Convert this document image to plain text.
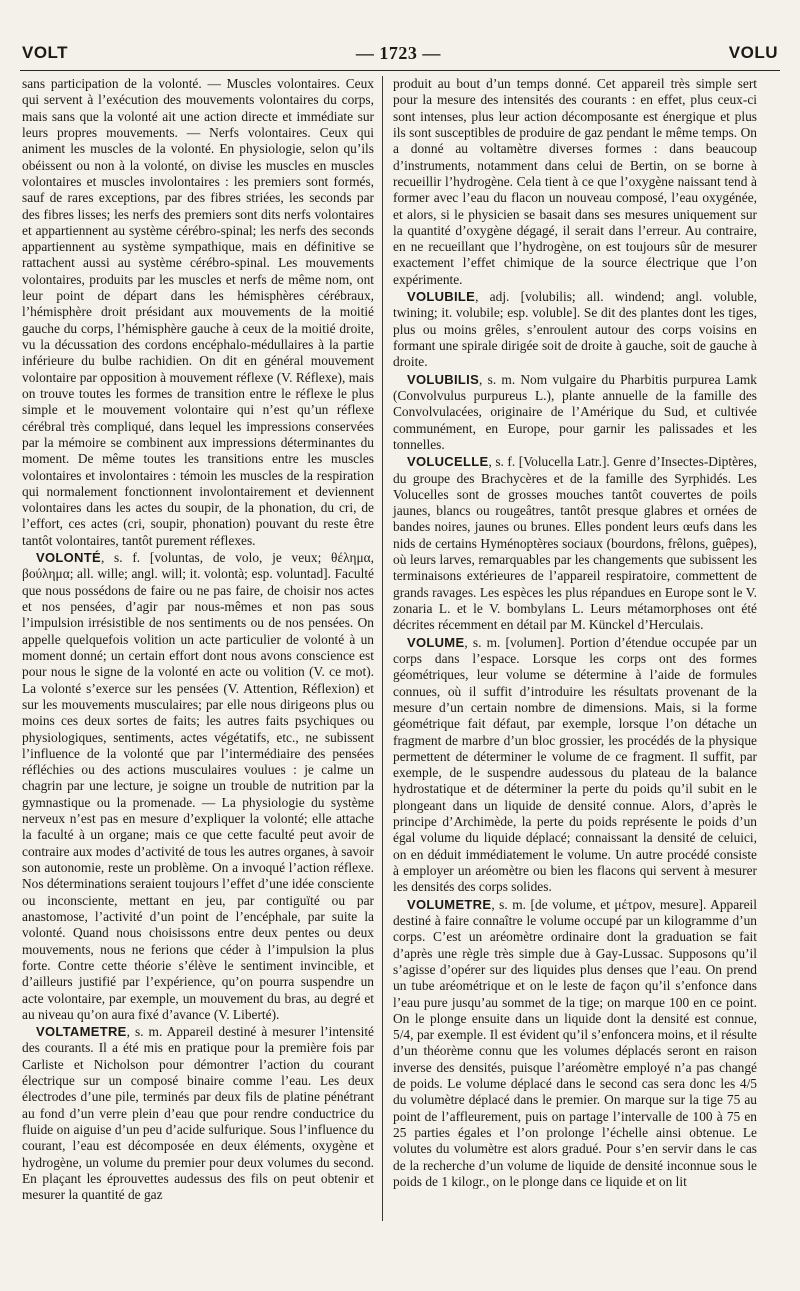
VOLT	— 1723 —	VOLU

sans participation de la volonté. — Muscles volontaires. Ceux qui servent à l’exécution des mouvements volontaires du corps, mais sans que la volonté ait une action directe et immédiate sur leurs propres mouvements. — Nerfs volontaires. Ceux qui animent les muscles de la volonté. En physiologie, selon qu’ils obéissent ou non à la volonté, on divise les muscles en muscles volontaires et muscles involontaires : les premiers sont formés, sauf de rares exceptions, par des fibres striées, les seconds par des fibres lisses; les nerfs des premiers sont dits nerfs volontaires et appartiennent au système cérébro-spinal; les nerfs des seconds appartiennent au système sympathique, mais en définitive se rattachent aussi au système cérébro-spinal. Les mouvements volontaires, produits par les muscles et nerfs de même nom, ont leur point de départ dans les hémisphères cérébraux, l’hémisphère droit présidant aux mouvements de la moitié gauche du corps, l’hémisphère gauche à ceux de la moitié droite, vu la décussation des cordons encéphalo-médullaires à la partie inférieure du bulbe rachidien. On dit en général mouvement volontaire par opposition à mouvement réflexe (V. Réflexe), mais on trouve toutes les formes de transition entre le réflexe le plus simple et le mouvement volontaire qui n’est qu’un réflexe cérébral très compliqué, dans lequel les impressions conservées par la mémoire se combinent aux impressions déterminantes du moment. De même toutes les transitions entre les muscles volontaires et involontaires : témoin les muscles de la respiration qui normalement fonctionnent involontairement et deviennent volontaires dans les actes du soupir, de la phonation, du cri, de l’effort, ces actes (cri, soupir, phonation) pouvant du reste être tantôt volontaires, tantôt purement réflexes.

VOLONTÉ, s. f. [voluntas, de volo, je veux; θέλημα, βούλημα; all. wille; angl. will; it. volontà; esp. voluntad]. Faculté que nous possédons de faire ou ne pas faire, de choisir nos actes et nos pensées, d’agir par nous-mêmes et non pas sous l’impulsion irrésistible de nos sentiments ou de nos pensées. On appelle quelquefois volition un acte particulier de volonté à un moment donné; un certain effort dont nous avons conscience est pour nous le signe de la volonté en acte ou volition (V. ce mot). La volonté s’exerce sur les pensées (V. Attention, Réflexion) et sur les mouvements musculaires; par elle nous dirigeons plus ou moins ces deux sortes de faits; les autres faits psychiques ou physiologiques, sentiments, actes végétatifs, etc., ne subissent l’influence de la volonté que par l’intermédiaire des pensées réfléchies ou des actions musculaires voulues : je calme un chagrin par une lecture, je soigne un trouble de nutrition par la gymnastique ou la promenade. — La physiologie du système nerveux n’est pas en mesure d’expliquer la volonté; elle attache la faculté à un organe; mais ce que cette faculté peut avoir de contraire aux modes d’activité de tous les autres organes, à savoir son autonomie, reste un problème. On a invoqué l’action réflexe. Nos déterminations seraient toujours l’effet d’une idée consciente ou inconsciente, mettant en jeu, par contiguïté ou par anastomose, l’activité d’un point de l’encéphale, par suite la volonté. Quand nous choisissons entre deux pentes ou deux mouvements, nous ne ferions que céder à l’impulsion la plus forte. Contre cette théorie s’élève le sentiment invincible, et d’ailleurs justifié par l’expérience, qu’on pourra suspendre un acte volontaire, par exemple, un mouvement du bras, au degré et au niveau qu’on aura fixé d’avance (V. Liberté).

VOLTAMETRE, s. m. Appareil destiné à mesurer l’intensité des courants. Il a été mis en pratique pour la première fois par Carliste et Nicholson pour démontrer l’action du courant électrique sur un composé binaire comme l’eau. Les deux électrodes d’une pile, terminés par deux fils de platine pénétrant au fond d’un verre plein d’eau que pour rendre conductrice du fluide on aiguise d’un peu d’acide sulfurique. Sous l’influence du courant, l’eau est décomposée en deux éléments, oxygène et hydrogène, un volume du premier pour deux volumes du second. En plaçant les éprouvettes audessus des fils on peut obtenir et mesurer la quantité de gaz

produit au bout d’un temps donné. Cet appareil très simple sert pour la mesure des intensités des courants : en effet, plus ceux-ci sont intenses, plus leur action décomposante est énergique et plus ils sont susceptibles de produire de gaz pendant le même temps. On a donné au voltamètre diverses formes : dans beaucoup d’instruments, notamment dans celui de Bertin, on se borne à recueillir l’hydrogène. Cela tient à ce que l’oxygène naissant tend à former avec l’eau du flacon un nouveau composé, l’eau oxygénée, et alors, si le physicien se basait dans ses mesures uniquement sur la quantité d’oxygène dégagé, il serait dans l’erreur. Au contraire, en ne recueillant que l’hydrogène, on est toujours sûr de mesurer exactement l’effet chimique de la source électrique que l’on expérimente.

VOLUBILE, adj. [volubilis; all. windend; angl. voluble, twining; it. volubile; esp. voluble]. Se dit des plantes dont les tiges, plus ou moins grêles, s’enroulent autour des corps voisins en formant une spirale dirigée soit de droite à gauche, soit de gauche à droite.

VOLUBILIS, s. m. Nom vulgaire du Pharbitis purpurea Lamk (Convolvulus purpureus L.), plante annuelle de la famille des Convolvulacées, originaire de l’Amérique du Sud, et cultivée communément, en Europe, pour garnir les palissades et les tonnelles.

VOLUCELLE, s. f. [Volucella Latr.]. Genre d’Insectes-Diptères, du groupe des Brachycères et de la famille des Syrphidés. Les Volucelles sont de grosses mouches tantôt couvertes de poils jaunes, blancs ou rougeâtres, tantôt presque glabres et ornées de bandes noires, jaunes ou brunes. Elles pondent leurs œufs dans les nids de certains Hyménoptères sociaux (bourdons, frêlons, guêpes), où leurs larves, remarquables par les changements que subissent les terminaisons extérieures de l’appareil respiratoire, commettent de grands ravages. Les espèces les plus répandues en Europe sont le V. zonaria L. et le V. bombylans L. Leurs métamorphoses ont été décrites récemment en détail par M. Künckel d’Herculais.

VOLUME, s. m. [volumen]. Portion d’étendue occupée par un corps dans l’espace. Lorsque les corps ont des formes géométriques, leur volume se détermine à l’aide de formules connues, où il suffit d’introduire les résultats provenant de la mesure d’un certain nombre de dimensions. Mais, si la forme géométrique fait défaut, par exemple, lorsque l’on détache un fragment de marbre d’un bloc grossier, les procédés de la physique permettent de déterminer le volume de ce fragment. Il suffit, par exemple, de le suspendre audessous du plateau de la balance hydrostatique et de déterminer la perte du poids qu’il subit en le plongeant dans un liquide de densité connue. Alors, d’après le principe d’Archimède, la perte du poids représente le poids d’un égal volume du liquide déplacé; connaissant la densité de celuici, on en déduit immédiatement le volume. Un autre procédé consiste à employer un aréomètre ou bien les flacons qui servent à mesurer les densités des corps solides.

VOLUMETRE, s. m. [de volume, et μέτρον, mesure]. Appareil destiné à faire connaître le volume occupé par un kilogramme d’un corps. C’est un aréomètre ordinaire dont la graduation se fait d’après une règle très simple due à Gay-Lussac. Supposons qu’il s’agisse d’opérer sur des liquides plus denses que l’eau. On prend un tube aréométrique et on le leste de façon qu’il s’enfonce dans l’eau pure jusqu’au sommet de la tige; on marque 100 en ce point. On le plonge ensuite dans un liquide dont la densité est connue, 5/4, par exemple. Il est évident qu’il s’enfoncera moins, et il résulte d’un théorème connu que les volumes déplacés seront en raison inverse des densités, puisque l’aréomètre employé n’a pas changé de poids. Le volume déplacé dans le second cas sera donc les 4/5 du volumètre déplacé dans le premier. On marque sur la tige 75 au point de l’affleurement, puis on partage l’intervalle de 100 à 75 en 25 parties égales et l’on prolonge l’échelle ainsi obtenue. Le volutes du volumètre est alors gradué. Pour s’en servir dans le cas de la recherche d’un volume de liquide de densité inconnue sous le poids de 1 kilogr., on le plonge dans ce liquide et on lit
